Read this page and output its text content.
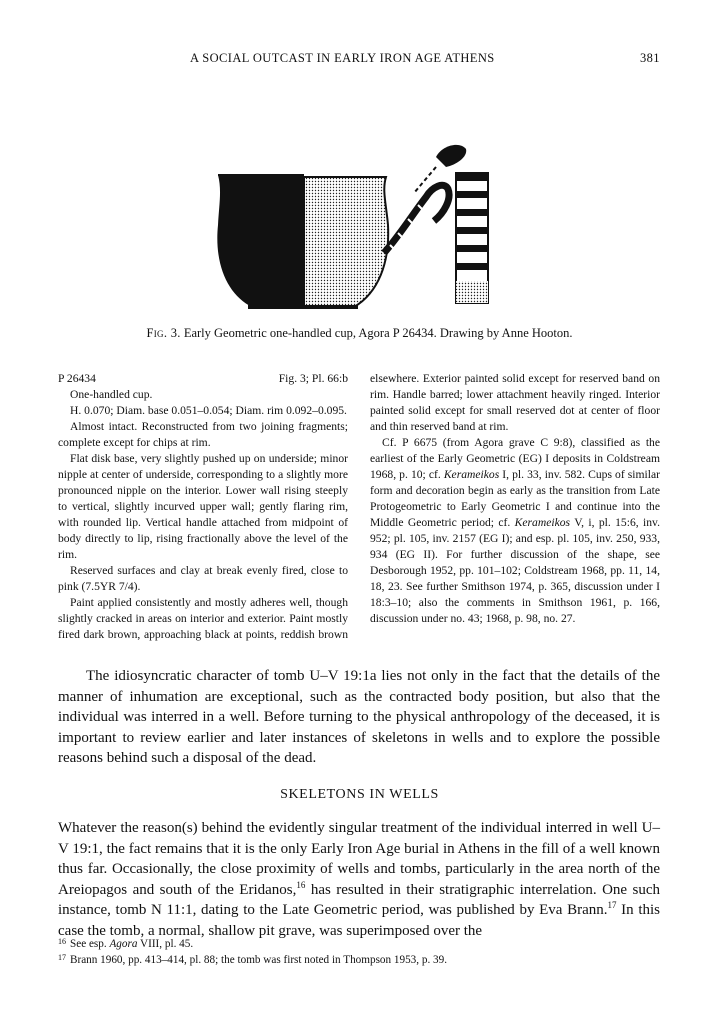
A SOCIAL OUTCAST IN EARLY IRON AGE ATHENS	381
Fig. 3. Early Geometric one-handled cup, Agora P 26434. Drawing by Anne Hooton.
P 26434	Fig. 3; Pl. 66:b

One-handled cup.

H. 0.070; Diam. base 0.051–0.054; Diam. rim 0.092–0.095.

Almost intact. Reconstructed from two joining fragments; complete except for chips at rim.

Flat disk base, very slightly pushed up on underside; minor nipple at center of underside, corresponding to a slightly more pronounced nipple on the interior. Lower wall rising steeply to vertical, slightly incurved upper wall; gently flaring rim, with rounded lip. Vertical handle attached from midpoint of body directly to lip, rising fractionally above the level of the rim.

Reserved surfaces and clay at break evenly fired, close to pink (7.5YR 7/4).

Paint applied consistently and mostly adheres well, though slightly cracked in areas on interior and exterior. Paint mostly fired dark brown, approaching black at points, reddish brown

elsewhere. Exterior painted solid except for reserved band on rim. Handle barred; lower attachment heavily ringed. Interior painted solid except for small reserved dot at center of floor and thin reserved band at rim.

Cf. P 6675 (from Agora grave C 9:8), classified as the earliest of the Early Geometric (EG) I deposits in Coldstream 1968, p. 10; cf. Kerameikos I, pl. 33, inv. 582. Cups of similar form and decoration begin as early as the transition from Late Protogeometric to Early Geometric I and continue into the Middle Geometric period; cf. Kerameikos V, i, pl. 15:6, inv. 952; pl. 105, inv. 2157 (EG I); and esp. pl. 105, inv. 250, 933, 934 (EG II). For further discussion of the shape, see Desborough 1952, pp. 101–102; Coldstream 1968, pp. 11, 14, 18, 23. See further Smithson 1974, p. 365, discussion under I 18:3–10; also the comments in Smithson 1961, p. 166, discussion under no. 43; 1968, p. 98, no. 27.

The idiosyncratic character of tomb U–V 19:1a lies not only in the fact that the details of the manner of inhumation are exceptional, such as the contracted body position, but also that the individual was interred in a well. Before turning to the physical anthropology of the deceased, it is important to review earlier and later instances of skeletons in wells and to explore the possible reasons behind such a disposal of the dead.

SKELETONS IN WELLS

Whatever the reason(s) behind the evidently singular treatment of the individual interred in well U–V 19:1, the fact remains that it is the only Early Iron Age burial in Athens in the fill of a well known thus far. Occasionally, the close proximity of wells and tombs, particularly in the area north of the Areiopagos and south of the Eridanos,$^{16}$ has resulted in their stratigraphic interrelation. One such instance, tomb N 11:1, dating to the Late Geometric period, was published by Eva Brann.$^{17}$ In this case the tomb, a normal, shallow pit grave, was superimposed over the

16 See esp. Agora VIII, pl. 45.
17 Brann 1960, pp. 413–414, pl. 88; the tomb was first noted in Thompson 1953, p. 39.
